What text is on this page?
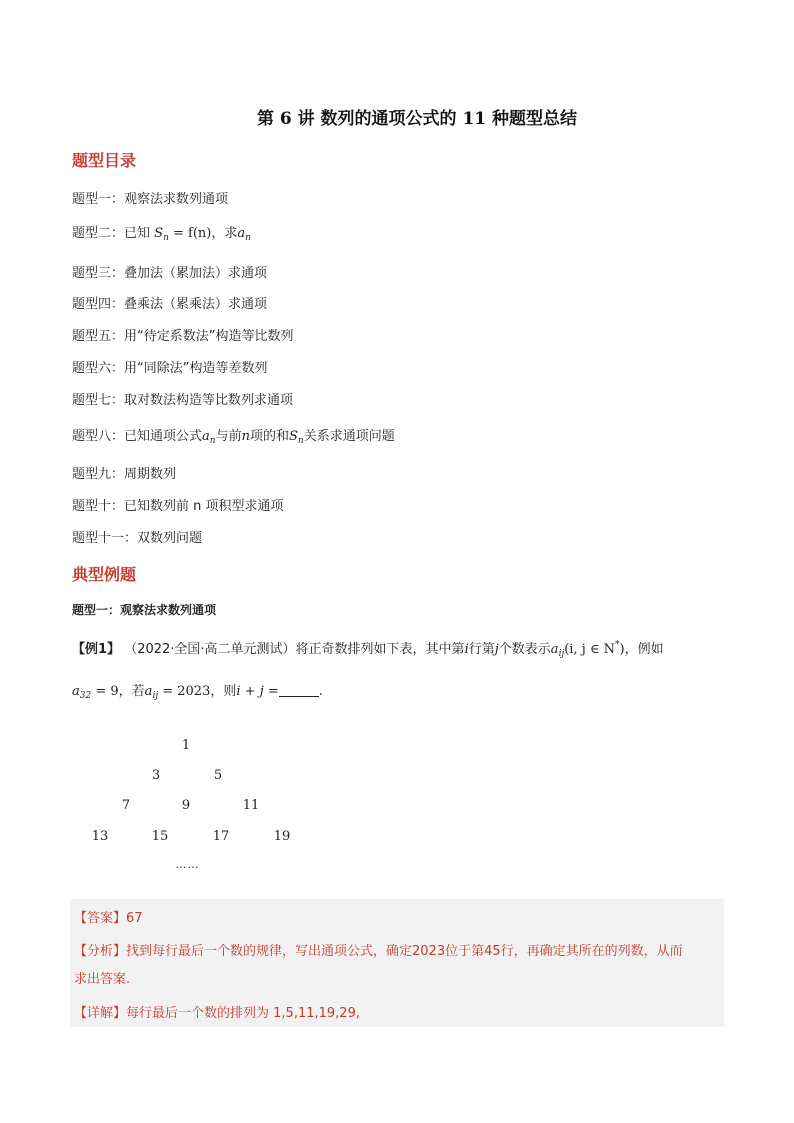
第 6 讲 数列的通项公式的 11 种题型总结
题型目录
题型一：观察法求数列通项
题型二：已知 $S_n = f(n)$，求$a_n$
题型三：叠加法（累加法）求通项
题型四：叠乘法（累乘法）求通项
题型五：用“待定系数法”构造等比数列
题型六：用“同除法”构造等差数列
题型七：取对数法构造等比数列求通项
题型八：已知通项公式$a_n$与前n项的和$S_n$关系求通项问题
题型九：周期数列
题型十：已知数列前 n 项积型求通项
题型十一：双数列问题
典型例题
题型一：观察法求数列通项
【例1】 （2022·全国·高二单元测试）将正奇数排列如下表，其中第i行第j个数表示$a_{ij}(i$, j ∈ N*)，例如
$a_{32} = 9$，若$a_{ij} = 2023$，则i + j =	.
1
3	5
7	9	11
13	15	17	19
……
【答案】67
【分析】找到每行最后一个数的规律，写出通项公式，确定2023位于第45行，再确定其所在的列数，从而
求出答案.
【详解】每行最后一个数的排列为 1,5,11,19,29,
